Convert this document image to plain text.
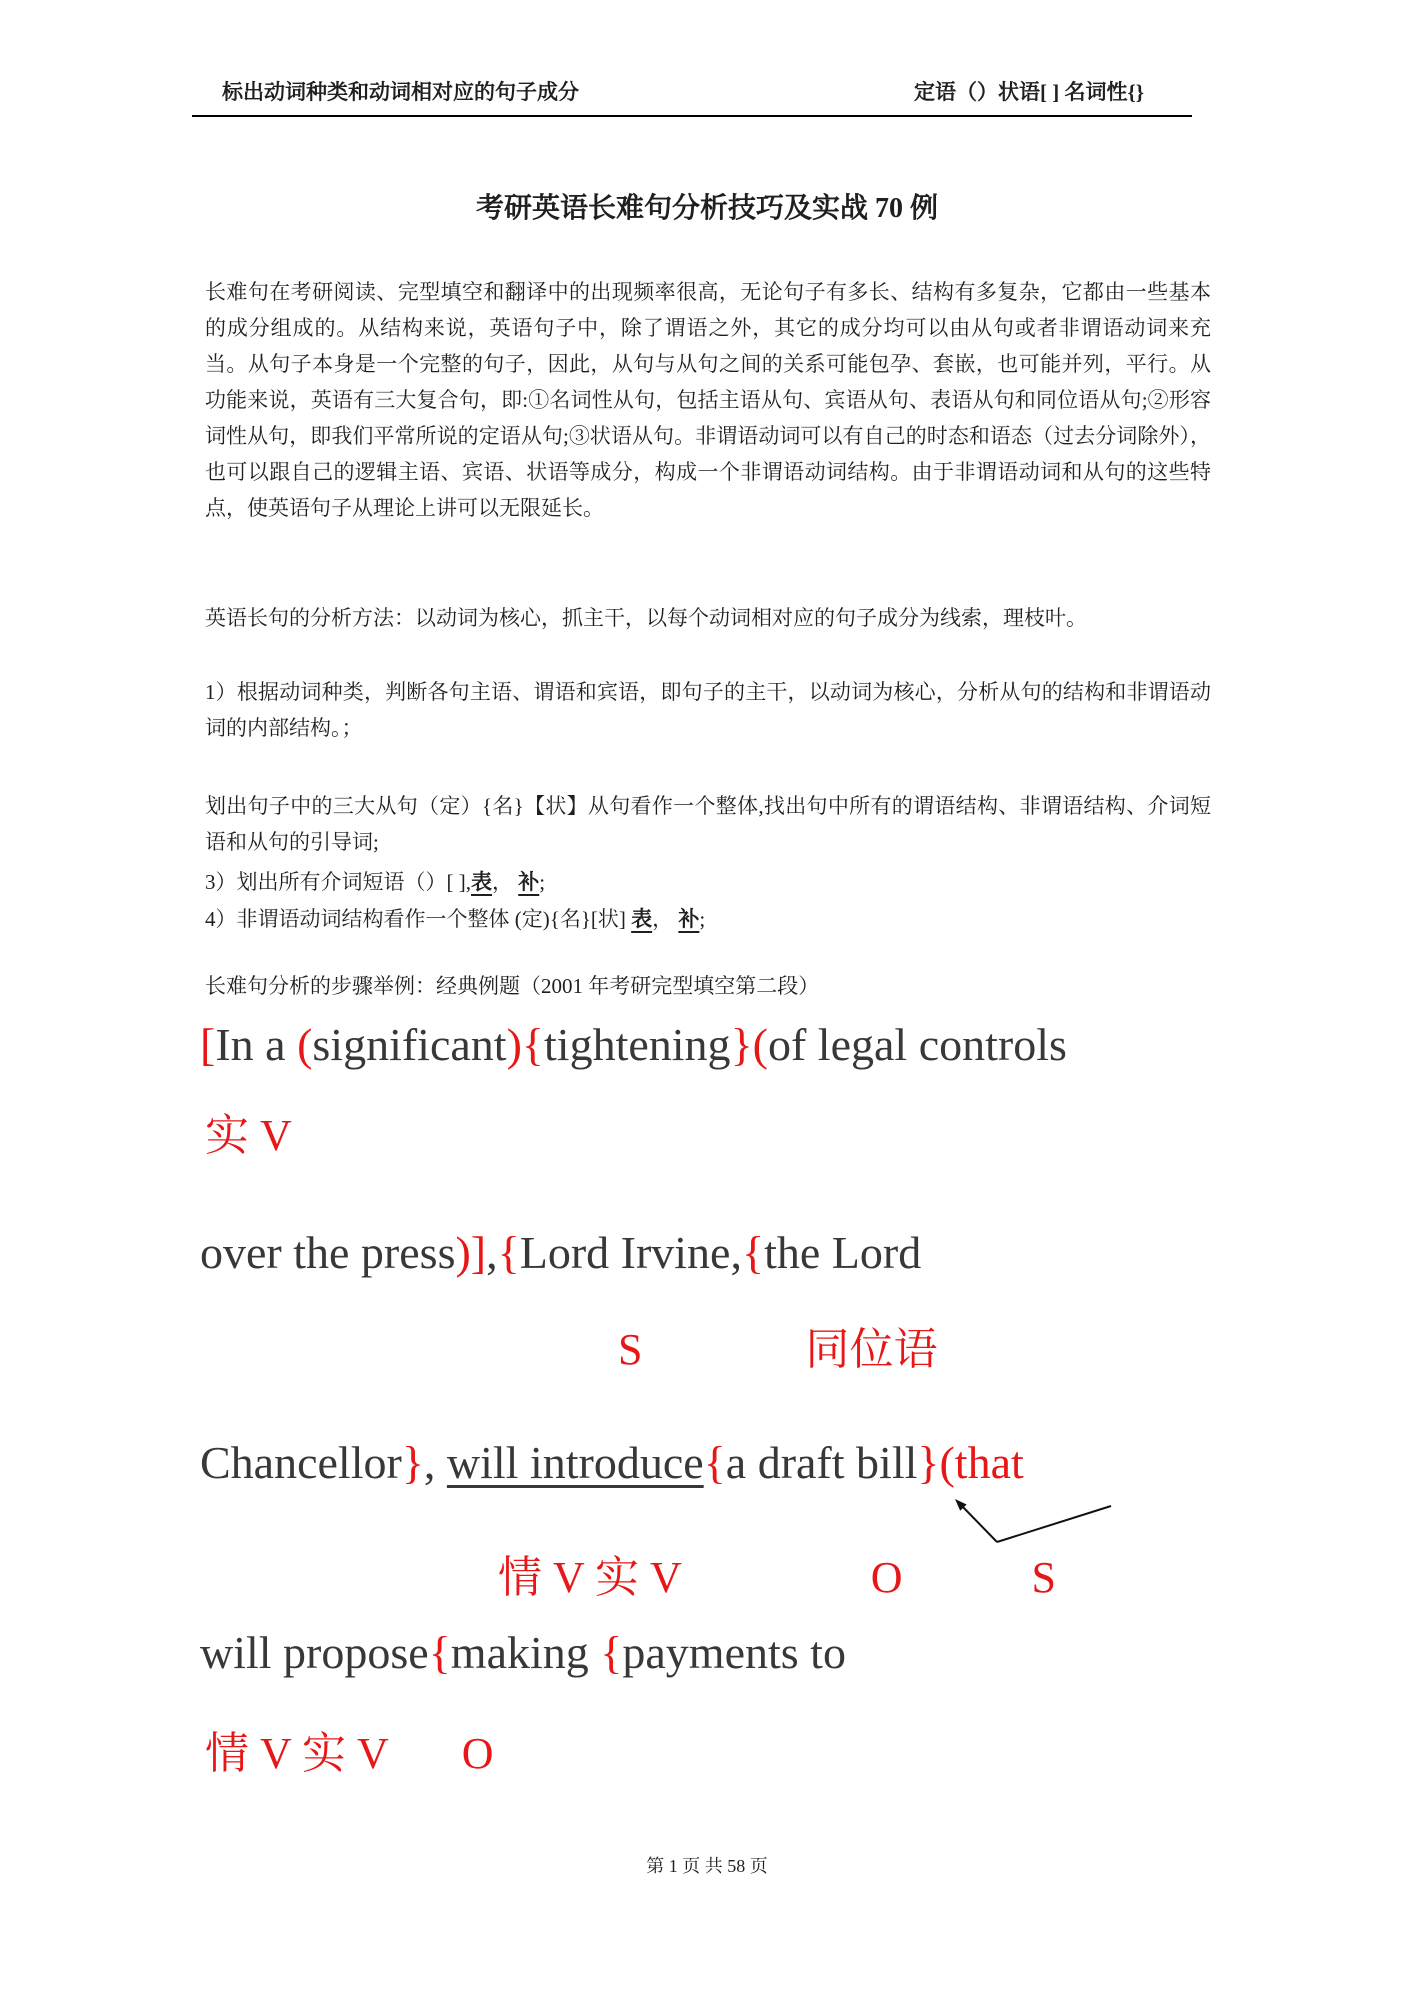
标出动词种类和动词相对应的句子成分	定语（）状语[ ] 名词性{}
考研英语长难句分析技巧及实战 70 例
长难句在考研阅读、完型填空和翻译中的出现频率很高，无论句子有多长、结构有多复杂，它都由一些基本的成分组成的。从结构来说，英语句子中，除了谓语之外，其它的成分均可以由从句或者非谓语动词来充当。从句子本身是一个完整的句子，因此，从句与从句之间的关系可能包孕、套嵌，也可能并列，平行。从功能来说，英语有三大复合句，即:①名词性从句，包括主语从句、宾语从句、表语从句和同位语从句;②形容词性从句，即我们平常所说的定语从句;③状语从句。非谓语动词可以有自己的时态和语态（过去分词除外），也可以跟自己的逻辑主语、宾语、状语等成分，构成一个非谓语动词结构。由于非谓语动词和从句的这些特点，使英语句子从理论上讲可以无限延长。
英语长句的分析方法：以动词为核心，抓主干，以每个动词相对应的句子成分为线索，理枝叶。
1）根据动词种类，判断各句主语、谓语和宾语，即句子的主干，以动词为核心，分析从句的结构和非谓语动词的内部结构。；
划出句子中的三大从句（定）{名}【状】从句看作一个整体,找出句中所有的谓语结构、非谓语结构、介词短语和从句的引导词;
3）划出所有介词短语（）[ ],表， 补;
4）非谓语动词结构看作一个整体 (定){名}[状] 表， 补;
长难句分析的步骤举例：经典例题（2001 年考研完型填空第二段）
[In a (significant){tightening}(of legal controls
实 V
over the press)],{Lord Irvine,{the Lord
S	同位语
Chancellor}, will introduce{a draft bill}(that
情 V 实 V	O	S
will propose{making {payments to
情 V 实 V O
第 1 页 共 58 页
